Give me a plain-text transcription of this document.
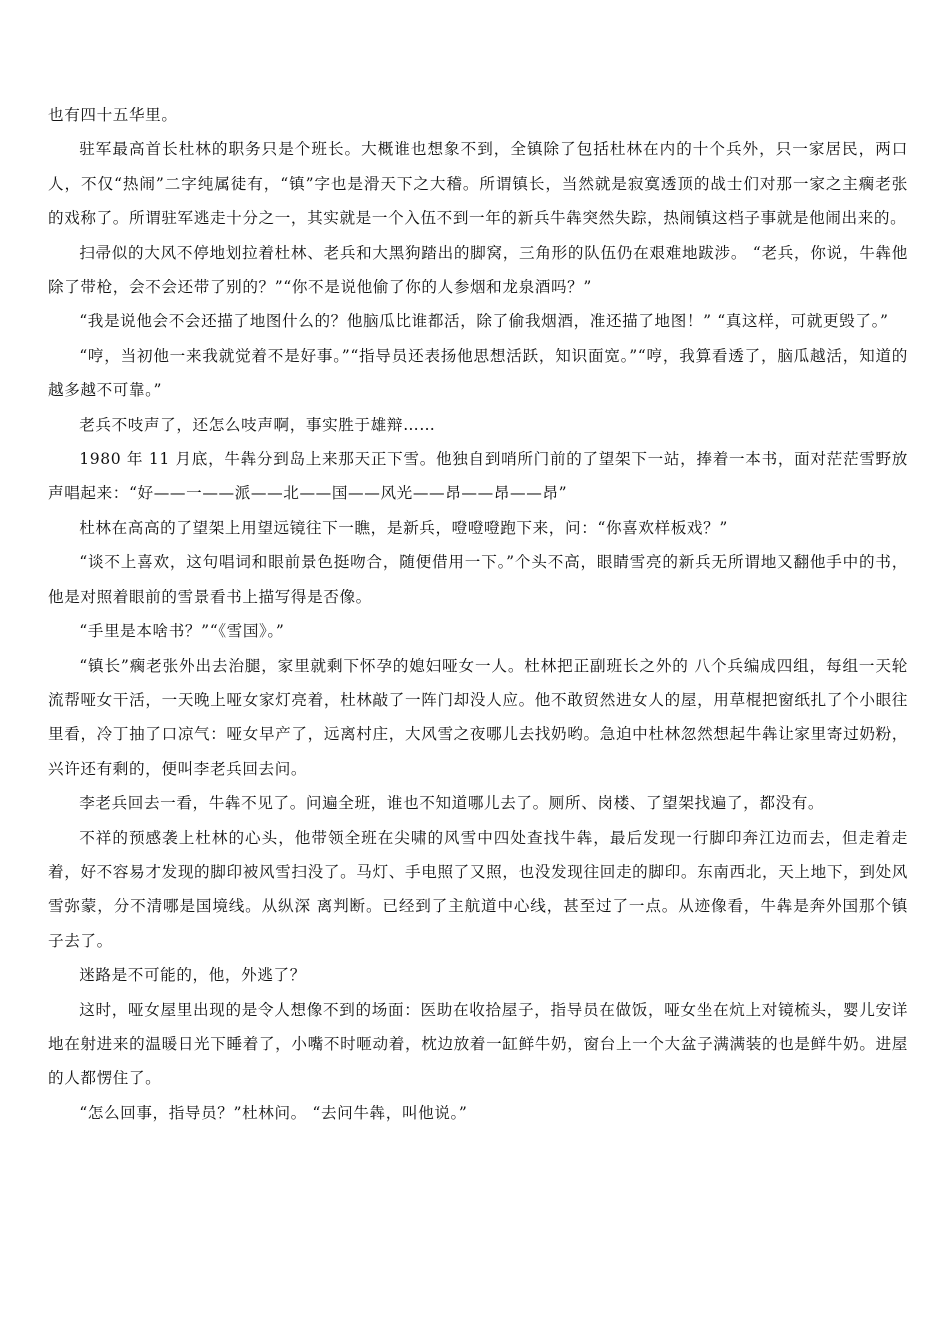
也有四十五华里。

驻军最高首长杜林的职务只是个班长。大概谁也想象不到，全镇除了包括杜林在内的十个兵外，只一家居民，两口人，不仅“热闹”二字纯属徒有，“镇”字也是滑天下之大稽。所谓镇长，当然就是寂寞透顶的战士们对那一家之主瘸老张的戏称了。所谓驻军逃走十分之一，其实就是一个入伍不到一年的新兵牛犇突然失踪，热闹镇这档子事就是他闹出来的。

扫帚似的大风不停地划拉着杜林、老兵和大黑狗踏出的脚窝，三角形的队伍仍在艰难地跋涉。 “老兵，你说，牛犇他除了带枪，会不会还带了别的？”“你不是说他偷了你的人参烟和龙泉酒吗？”

“我是说他会不会还描了地图什么的？他脑瓜比谁都活，除了偷我烟酒，准还描了地图！” “真这样，可就更毁了。”

“哼，当初他一来我就觉着不是好事。”“指导员还表扬他思想活跃，知识面宽。”“哼，我算看透了，脑瓜越活，知道的越多越不可靠。”

老兵不吱声了，还怎么吱声啊，事实胜于雄辩……

1980 年 11 月底，牛犇分到岛上来那天正下雪。他独自到哨所门前的了望架下一站，捧着一本书，面对茫茫雪野放声唱起来：“好——一——派——北——国——风光——昂——昂——昂”

杜林在高高的了望架上用望远镜往下一瞧，是新兵，噔噔噔跑下来，问：“你喜欢样板戏？”

“谈不上喜欢，这句唱词和眼前景色挺吻合，随便借用一下。”个头不高，眼睛雪亮的新兵无所谓地又翻他手中的书，他是对照着眼前的雪景看书上描写得是否像。

“手里是本啥书？”“《雪国》。”

“镇长”瘸老张外出去治腿，家里就剩下怀孕的媳妇哑女一人。杜林把正副班长之外的 八个兵编成四组，每组一天轮流帮哑女干活，一天晚上哑女家灯亮着，杜林敲了一阵门却没人应。他不敢贸然进女人的屋，用草棍把窗纸扎了个小眼往里看，冷丁抽了口凉气：哑女早产了，远离村庄，大风雪之夜哪儿去找奶哟。急迫中杜林忽然想起牛犇让家里寄过奶粉，兴许还有剩的，便叫李老兵回去问。

李老兵回去一看，牛犇不见了。问遍全班，谁也不知道哪儿去了。厕所、岗楼、了望架找遍了，都没有。

不祥的预感袭上杜林的心头，他带领全班在尖啸的风雪中四处查找牛犇，最后发现一行脚印奔江边而去，但走着走着，好不容易才发现的脚印被风雪扫没了。马灯、手电照了又照，也没发现往回走的脚印。东南西北，天上地下，到处风雪弥蒙，分不清哪是国境线。从纵深 离判断。已经到了主航道中心线，甚至过了一点。从迹像看，牛犇是奔外国那个镇子去了。

迷路是不可能的，他，外逃了？

这时，哑女屋里出现的是令人想像不到的场面：医助在收拾屋子，指导员在做饭，哑女坐在炕上对镜梳头，婴儿安详地在射进来的温暖日光下睡着了，小嘴不时咂动着，枕边放着一缸鲜牛奶，窗台上一个大盆子满满装的也是鲜牛奶。进屋的人都愣住了。

“怎么回事，指导员？”杜林问。 “去问牛犇，叫他说。”
